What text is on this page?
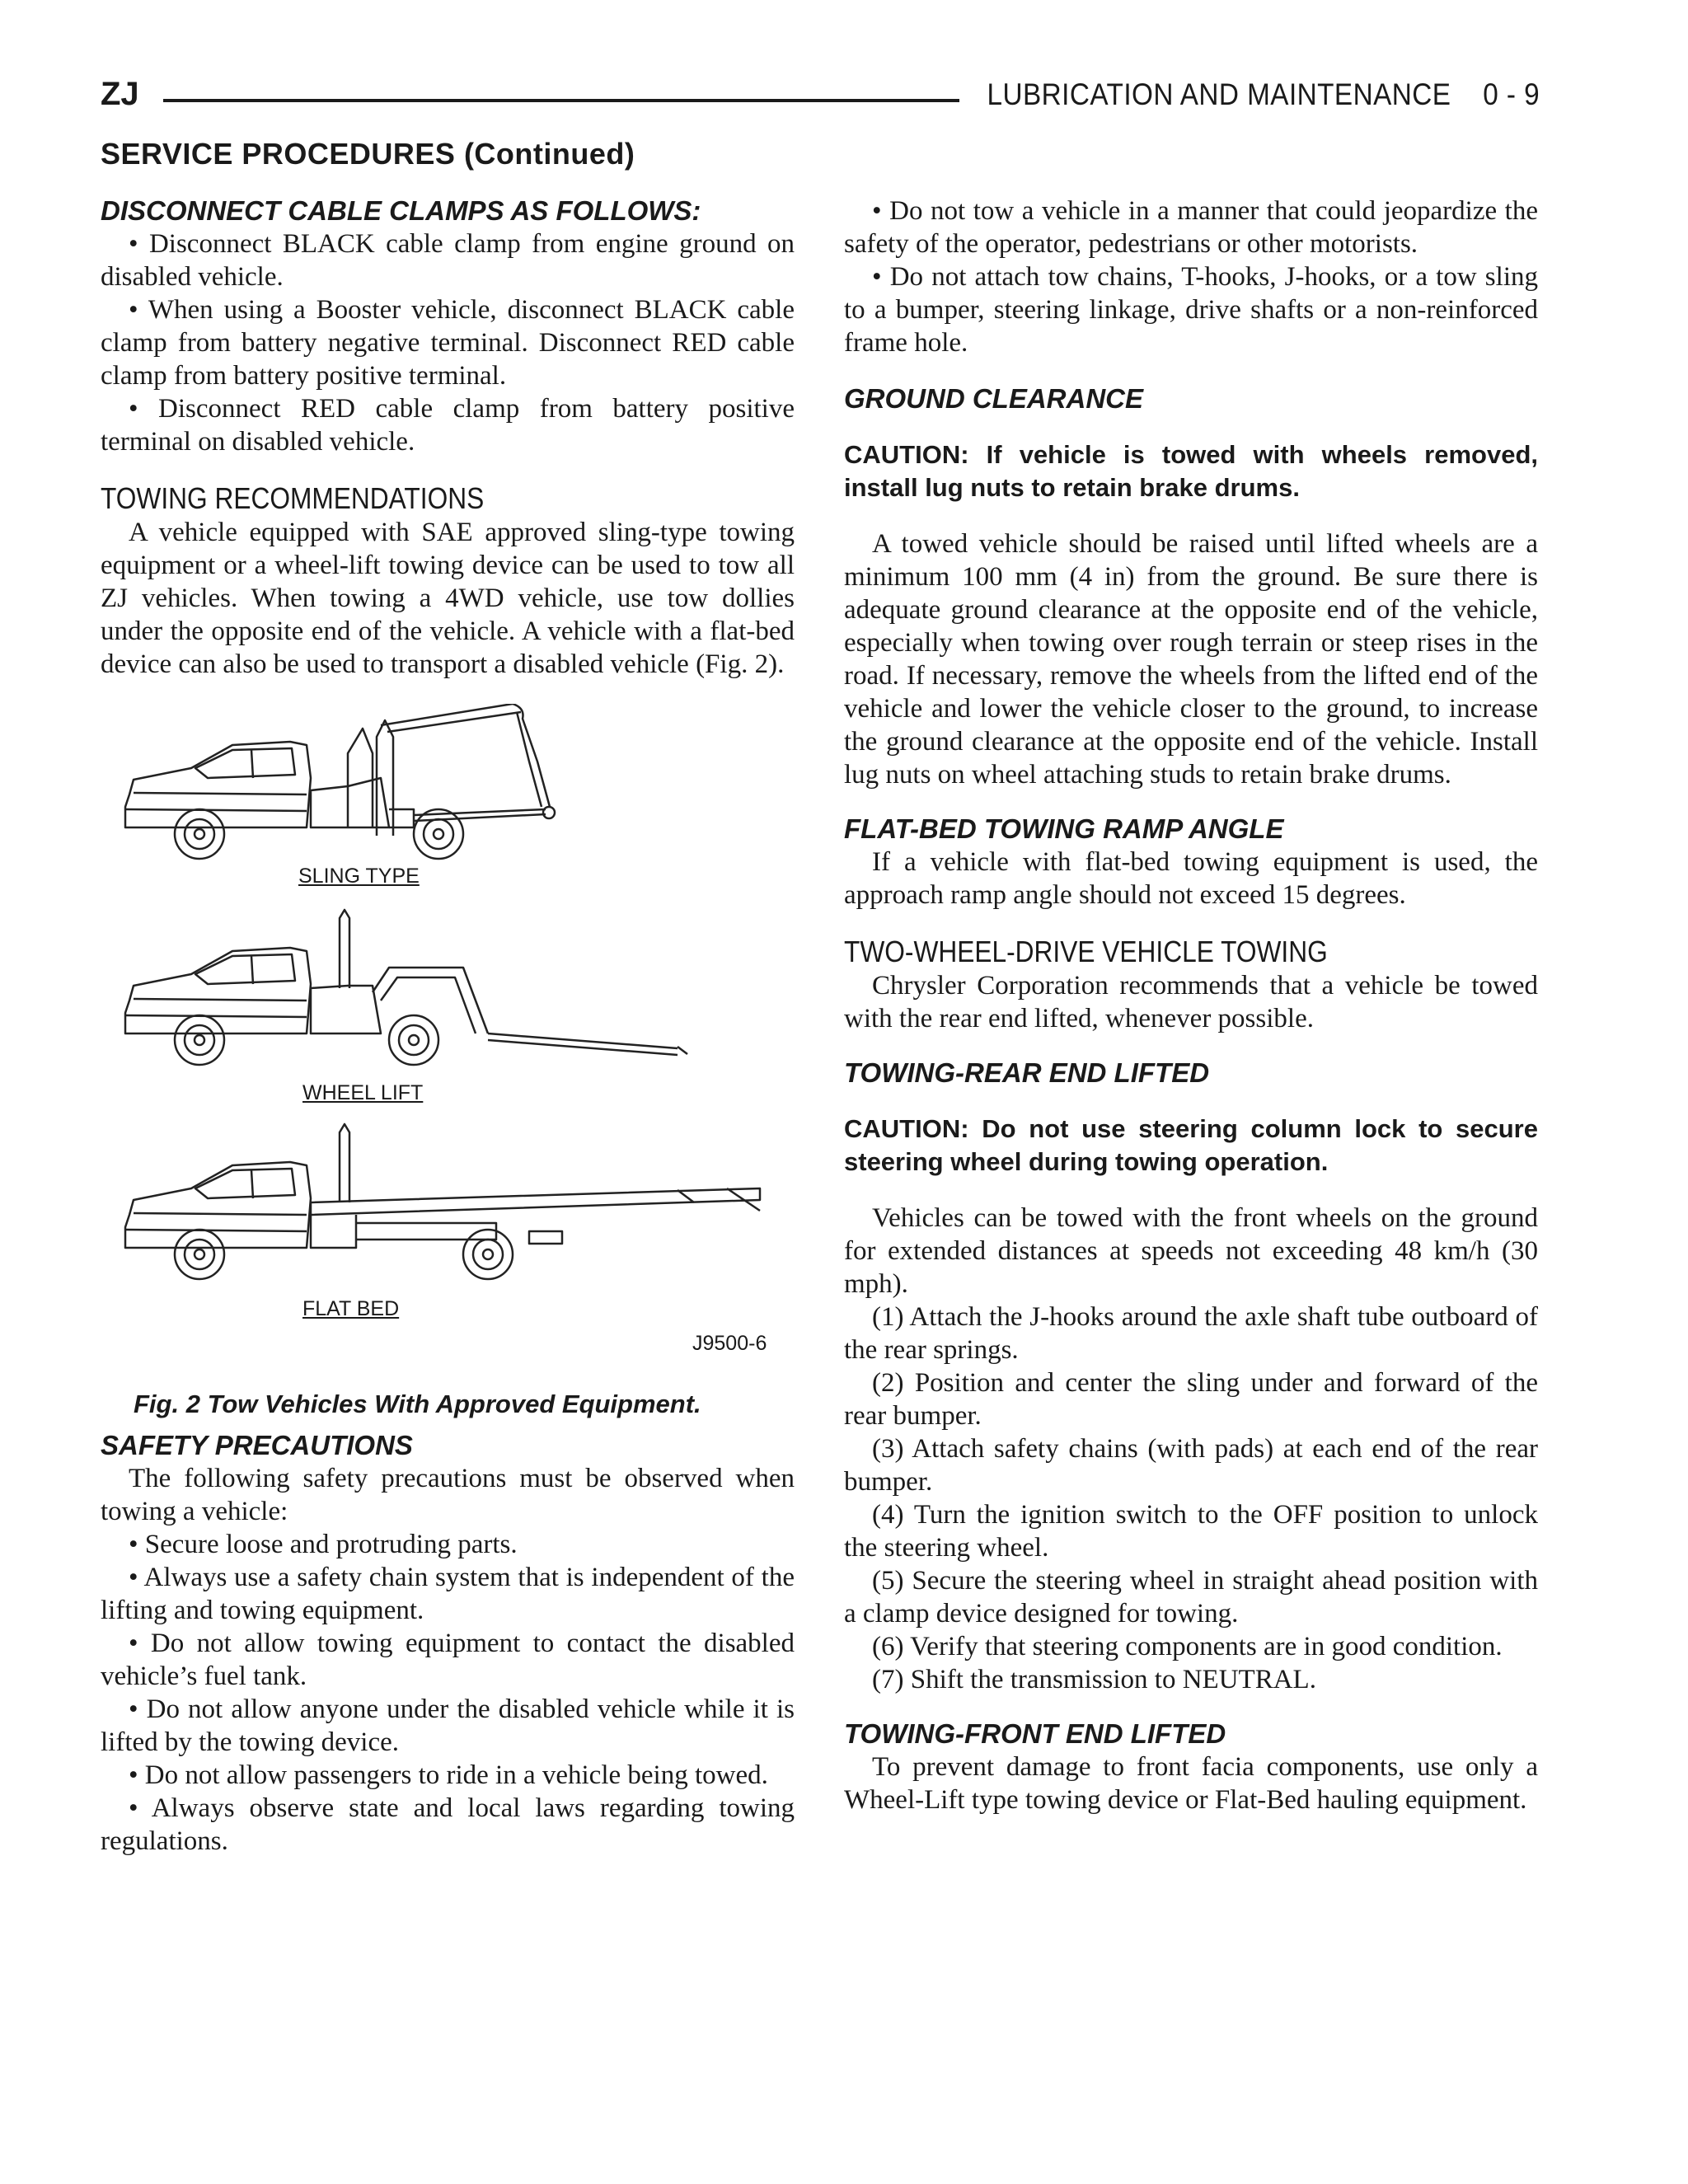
ZJ	LUBRICATION AND MAINTENANCE 0 - 9
SERVICE PROCEDURES (Continued)

DISCONNECT CABLE CLAMPS AS FOLLOWS:

• Disconnect BLACK cable clamp from engine ground on disabled vehicle.

• When using a Booster vehicle, disconnect BLACK cable clamp from battery negative terminal. Disconnect RED cable clamp from battery positive terminal.

• Disconnect RED cable clamp from battery positive terminal on disabled vehicle.

TOWING RECOMMENDATIONS

A vehicle equipped with SAE approved sling-type towing equipment or a wheel-lift towing device can be used to tow all ZJ vehicles. When towing a 4WD vehicle, use tow dollies under the opposite end of the vehicle. A vehicle with a flat-bed device can also be used to transport a disabled vehicle (Fig. 2).

SLING TYPE
WHEEL LIFT
FLAT BED
J9500-6

Fig. 2 Tow Vehicles With Approved Equipment.

SAFETY PRECAUTIONS

The following safety precautions must be observed when towing a vehicle:

• Secure loose and protruding parts.

• Always use a safety chain system that is independent of the lifting and towing equipment.

• Do not allow towing equipment to contact the disabled vehicle’s fuel tank.

• Do not allow anyone under the disabled vehicle while it is lifted by the towing device.

• Do not allow passengers to ride in a vehicle being towed.

• Always observe state and local laws regarding towing regulations.

• Do not tow a vehicle in a manner that could jeopardize the safety of the operator, pedestrians or other motorists.

• Do not attach tow chains, T-hooks, J-hooks, or a tow sling to a bumper, steering linkage, drive shafts or a non-reinforced frame hole.

GROUND CLEARANCE

CAUTION: If vehicle is towed with wheels removed, install lug nuts to retain brake drums.

A towed vehicle should be raised until lifted wheels are a minimum 100 mm (4 in) from the ground. Be sure there is adequate ground clearance at the opposite end of the vehicle, especially when towing over rough terrain or steep rises in the road. If necessary, remove the wheels from the lifted end of the vehicle and lower the vehicle closer to the ground, to increase the ground clearance at the opposite end of the vehicle. Install lug nuts on wheel attaching studs to retain brake drums.

FLAT-BED TOWING RAMP ANGLE

If a vehicle with flat-bed towing equipment is used, the approach ramp angle should not exceed 15 degrees.

TWO-WHEEL-DRIVE VEHICLE TOWING

Chrysler Corporation recommends that a vehicle be towed with the rear end lifted, whenever possible.

TOWING-REAR END LIFTED

CAUTION: Do not use steering column lock to secure steering wheel during towing operation.

Vehicles can be towed with the front wheels on the ground for extended distances at speeds not exceeding 48 km/h (30 mph).

(1) Attach the J-hooks around the axle shaft tube outboard of the rear springs.

(2) Position and center the sling under and forward of the rear bumper.

(3) Attach safety chains (with pads) at each end of the rear bumper.

(4) Turn the ignition switch to the OFF position to unlock the steering wheel.

(5) Secure the steering wheel in straight ahead position with a clamp device designed for towing.

(6) Verify that steering components are in good condition.

(7) Shift the transmission to NEUTRAL.

TOWING-FRONT END LIFTED

To prevent damage to front facia components, use only a Wheel-Lift type towing device or Flat-Bed hauling equipment.
